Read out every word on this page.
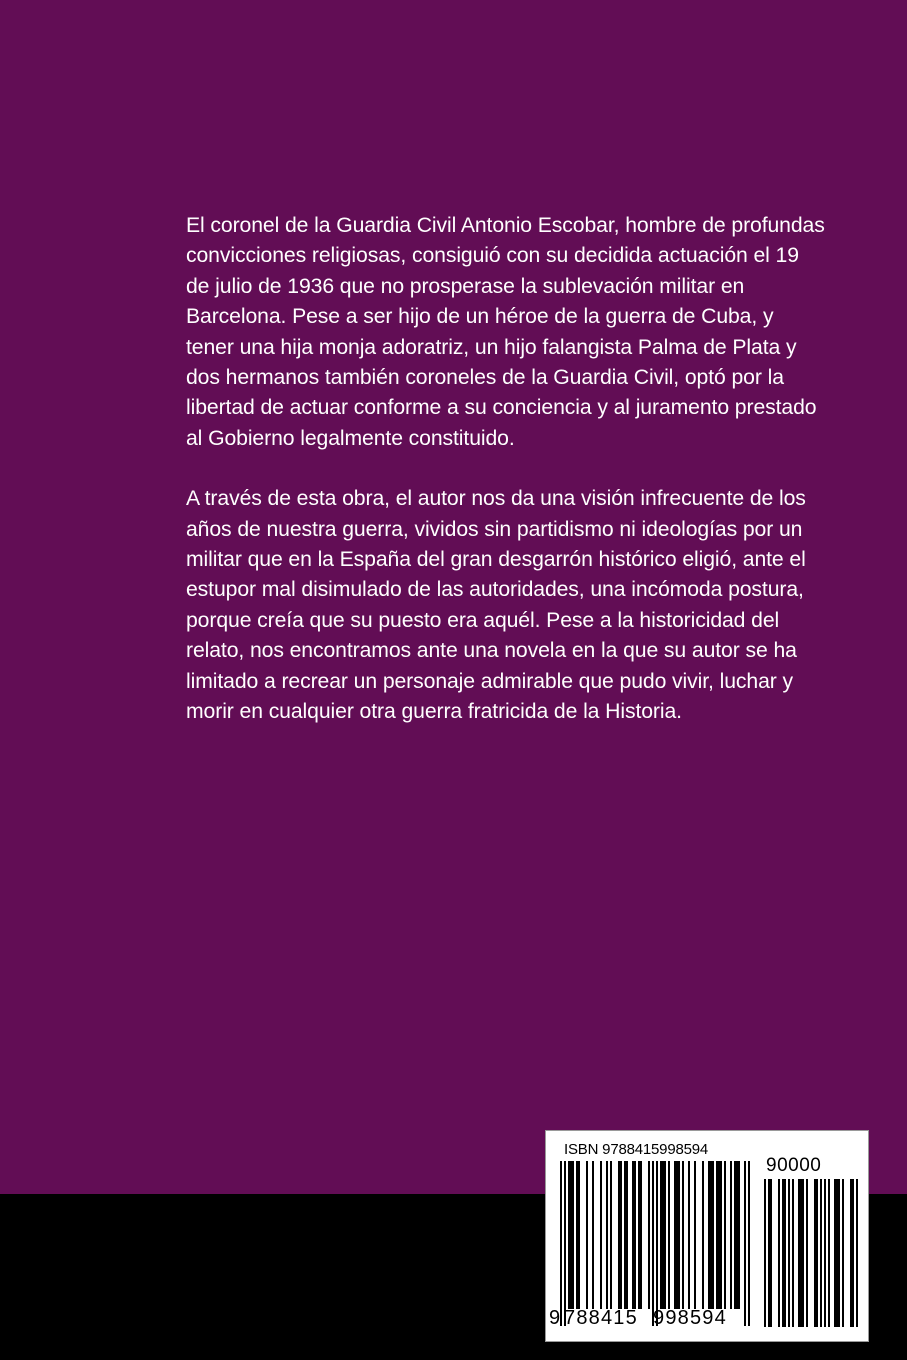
El coronel de la Guardia Civil Antonio Escobar, hombre de profundas convicciones religiosas, consiguió con su decidida actuación el 19 de julio de 1936 que no prosperase la sublevación militar en Barcelona. Pese a ser hijo de un héroe de la guerra de Cuba, y tener una hija monja adoratriz, un hijo falangista Palma de Plata y dos hermanos también coroneles de la Guardia Civil, optó por la libertad de actuar conforme a su conciencia y al juramento prestado al Gobierno legalmente constituido.

A través de esta obra, el autor nos da una visión infrecuente de los años de nuestra guerra, vividos sin partidismo ni ideologías por un militar que en la España del gran desgarrón histórico eligió, ante el estupor mal disimulado de las autoridades, una incómoda postura, porque creía que su puesto era aquél. Pese a la historicidad del relato, nos encontramos ante una novela en la que su autor se ha limitado a recrear un personaje admirable que pudo vivir, luchar y morir en cualquier otra guerra fratricida de la Historia.

ISBN 9788415998594
90000
9 788415 998594
